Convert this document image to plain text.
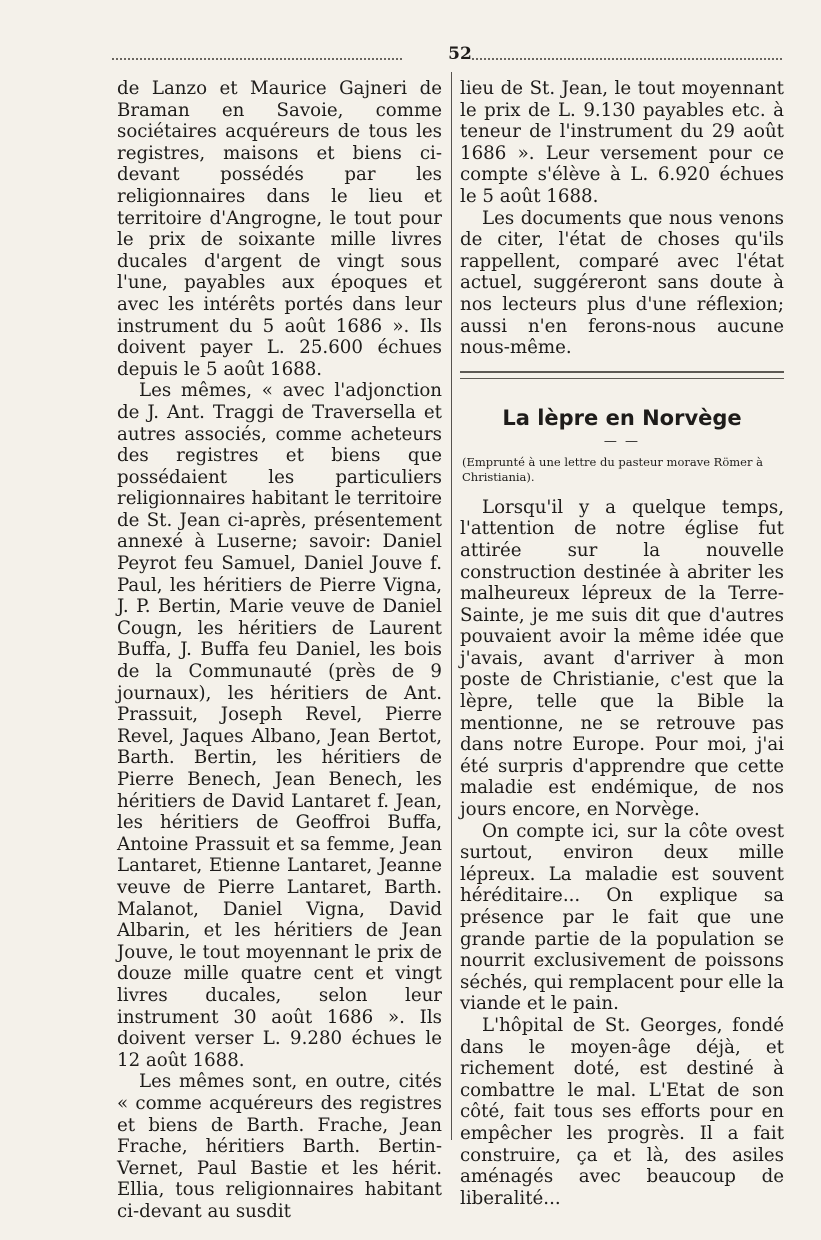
52

de Lanzo et Maurice Gajneri de Braman en Savoie, comme sociétaires acquéreurs de tous les registres, maisons et biens ci-devant possédés par les religionnaires dans le lieu et territoire d'Angrogne, le tout pour le prix de soixante mille livres ducales d'argent de vingt sous l'une, payables aux époques et avec les intérêts portés dans leur instrument du 5 août 1686 ». Ils doivent payer L. 25.600 échues depuis le 5 août 1688.

Les mêmes, « avec l'adjonction de J. Ant. Traggi de Traversella et autres associés, comme acheteurs des registres et biens que possédaient les particuliers religionnaires habitant le territoire de St. Jean ci-après, présentement annexé à Luserne; savoir: Daniel Peyrot feu Samuel, Daniel Jouve f. Paul, les héritiers de Pierre Vigna, J. P. Bertin, Marie veuve de Daniel Cougn, les héritiers de Laurent Buffa, J. Buffa feu Daniel, les bois de la Communauté (près de 9 journaux), les héritiers de Ant. Prassuit, Joseph Revel, Pierre Revel, Jaques Albano, Jean Bertot, Barth. Bertin, les héritiers de Pierre Benech, Jean Benech, les héritiers de David Lantaret f. Jean, les héritiers de Geoffroi Buffa, Antoine Prassuit et sa femme, Jean Lantaret, Etienne Lantaret, Jeanne veuve de Pierre Lantaret, Barth. Malanot, Daniel Vigna, David Albarin, et les héritiers de Jean Jouve, le tout moyennant le prix de douze mille quatre cent et vingt livres ducales, selon leur instrument 30 août 1686 ». Ils doivent verser L. 9.280 échues le 12 août 1688.

Les mêmes sont, en outre, cités « comme acquéreurs des registres et biens de Barth. Frache, Jean Frache, héritiers Barth. Bertin-Vernet, Paul Bastie et les hérit. Ellia, tous religionnaires habitant ci-devant au susdit

lieu de St. Jean, le tout moyennant le prix de L. 9.130 payables etc. à teneur de l'instrument du 29 août 1686 ». Leur versement pour ce compte s'élève à L. 6.920 échues le 5 août 1688.

Les documents que nous venons de citer, l'état de choses qu'ils rappellent, comparé avec l'état actuel, suggéreront sans doute à nos lecteurs plus d'une réflexion; aussi n'en ferons-nous aucune nous-même.

La lèpre en Norvège
— —
(Emprunté à une lettre du pasteur morave Römer à Christiania).

Lorsqu'il y a quelque temps, l'attention de notre église fut attirée sur la nouvelle construction destinée à abriter les malheureux lépreux de la Terre-Sainte, je me suis dit que d'autres pouvaient avoir la même idée que j'avais, avant d'arriver à mon poste de Christianie, c'est que la lèpre, telle que la Bible la mentionne, ne se retrouve pas dans notre Europe. Pour moi, j'ai été surpris d'apprendre que cette maladie est endémique, de nos jours encore, en Norvège.

On compte ici, sur la côte ovest surtout, environ deux mille lépreux. La maladie est souvent héréditaire... On explique sa présence par le fait que une grande partie de la population se nourrit exclusivement de poissons séchés, qui remplacent pour elle la viande et le pain.

L'hôpital de St. Georges, fondé dans le moyen-âge déjà, et richement doté, est destiné à combattre le mal. L'Etat de son côté, fait tous ses efforts pour en empêcher les progrès. Il a fait construire, ça et là, des asiles aménagés avec beaucoup de liberalité...
